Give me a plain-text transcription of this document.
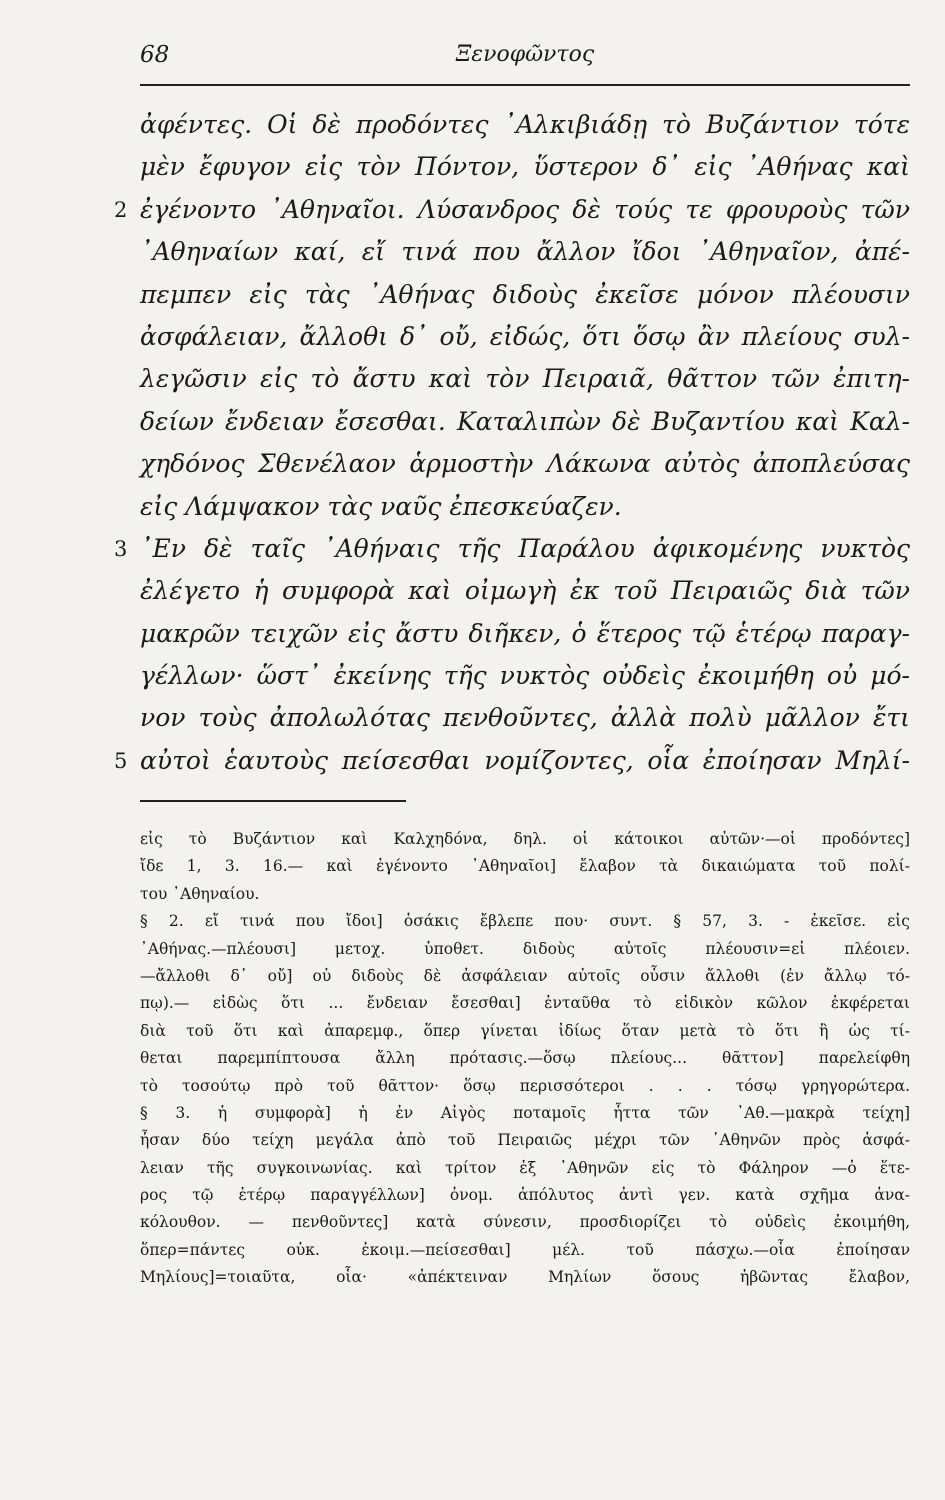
68	Ξενοφῶντος
ἀφέντες. Οἱ δὲ προδόντες ᾿Αλκιβιάδῃ τὸ Βυζάντιον τότε
μὲν ἔφυγον εἰς τὸν Πόντον, ὕστερον δ᾿ εἰς ᾿Αθήνας καὶ
2 ἐγένοντο ᾿Αθηναῖοι. Λύσανδρος δὲ τούς τε φρουροὺς τῶν
᾿Αθηναίων καί, εἴ τινά που ἄλλον ἴδοι ᾿Αθηναῖον, ἀπέ-
πεμπεν εἰς τὰς ᾿Αθήνας διδοὺς ἐκεῖσε μόνον πλέουσιν
ἀσφάλειαν, ἄλλοθι δ᾿ οὔ, εἰδώς, ὅτι ὅσῳ ἂν πλείους συλ-
λεγῶσιν εἰς τὸ ἄστυ καὶ τὸν Πειραιᾶ, θᾶττον τῶν ἐπιτη-
δείων ἔνδειαν ἔσεσθαι. Καταλιπὼν δὲ Βυζαντίου καὶ Καλ-
χηδόνος Σθενέλαον ἁρμοστὴν Λάκωνα αὐτὸς ἀποπλεύσας
εἰς Λάμψακον τὰς ναῦς ἐπεσκεύαζεν.
3 ᾿Εν δὲ ταῖς ᾿Αθήναις τῆς Παράλου ἀφικομένης νυκτὸς
ἐλέγετο ἡ συμφορὰ καὶ οἰμωγὴ ἐκ τοῦ Πειραιῶς διὰ τῶν
μακρῶν τειχῶν εἰς ἄστυ διῆκεν, ὁ ἕτερος τῷ ἑτέρῳ παραγ-
γέλλων· ὥστ᾿ ἐκείνης τῆς νυκτὸς οὐδεὶς ἐκοιμήθη οὐ μό-
νον τοὺς ἀπολωλότας πενθοῦντες, ἀλλὰ πολὺ μᾶλλον ἔτι
5 αὐτοὶ ἑαυτοὺς πείσεσθαι νομίζοντες, οἷα ἐποίησαν Μηλί-
εἰς τὸ Βυζάντιον καὶ Καλχηδόνα, δηλ. οἱ κάτοικοι αὐτῶν·—οἱ προδόντες]
ἴδε 1, 3. 16.— καὶ ἐγένοντο ᾿Αθηναῖοι] ἔλαβον τὰ δικαιώματα τοῦ πολί-
του ᾿Αθηναίου.
§ 2. εἴ τινά που ἴδοι] ὁσάκις ἔβλεπε που· συντ. § 57, 3. - ἐκεῖσε. εἰς
᾿Αθήνας.—πλέουσι] μετοχ. ὑποθετ. διδοὺς αὐτοῖς πλέουσιν=εἰ πλέοιεν.
—ἄλλοθι δ᾿ οὔ] οὐ διδοὺς δὲ ἀσφάλειαν αὐτοῖς οὖσιν ἄλλοθι (ἐν ἄλλῳ τό-
πῳ).— εἰδὼς ὅτι ... ἔνδειαν ἔσεσθαι] ἐνταῦθα τὸ εἰδικὸν κῶλον ἐκφέρεται
διὰ τοῦ ὅτι καὶ ἀπαρεμφ., ὅπερ γίνεται ἰδίως ὅταν μετὰ τὸ ὅτι ἢ ὡς τί-
θεται παρεμπίπτουσα ἄλλη πρότασις.—ὅσῳ πλείους... θᾶττον] παρελείφθη
τὸ τοσούτῳ πρὸ τοῦ θᾶττον· ὅσῳ περισσότεροι . . . τόσῳ γρηγορώτερα.
§ 3. ἡ συμφορὰ] ἡ ἐν Αἰγὸς ποταμοῖς ἧττα τῶν ᾿Αθ.—μακρὰ τείχη]
ἦσαν δύο τείχη μεγάλα ἀπὸ τοῦ Πειραιῶς μέχρι τῶν ᾿Αθηνῶν πρὸς ἀσφά-
λειαν τῆς συγκοινωνίας. καὶ τρίτον ἐξ ᾿Αθηνῶν εἰς τὸ Φάληρον —ὁ ἕτε-
ρος τῷ ἑτέρῳ παραγγέλλων] ὀνομ. ἀπόλυτος ἀντὶ γεν. κατὰ σχῆμα ἀνα-
κόλουθον. — πενθοῦντες] κατὰ σύνεσιν, προσδιορίζει τὸ οὐδεὶς ἐκοιμήθη,
ὅπερ=πάντες οὐκ. ἐκοιμ.—πείσεσθαι] μέλ. τοῦ πάσχω.—οἷα ἐποίησαν
Μηλίους]=τοιαῦτα, οἷα· «ἀπέκτειναν Μηλίων ὅσους ἡβῶντας ἔλαβον,
